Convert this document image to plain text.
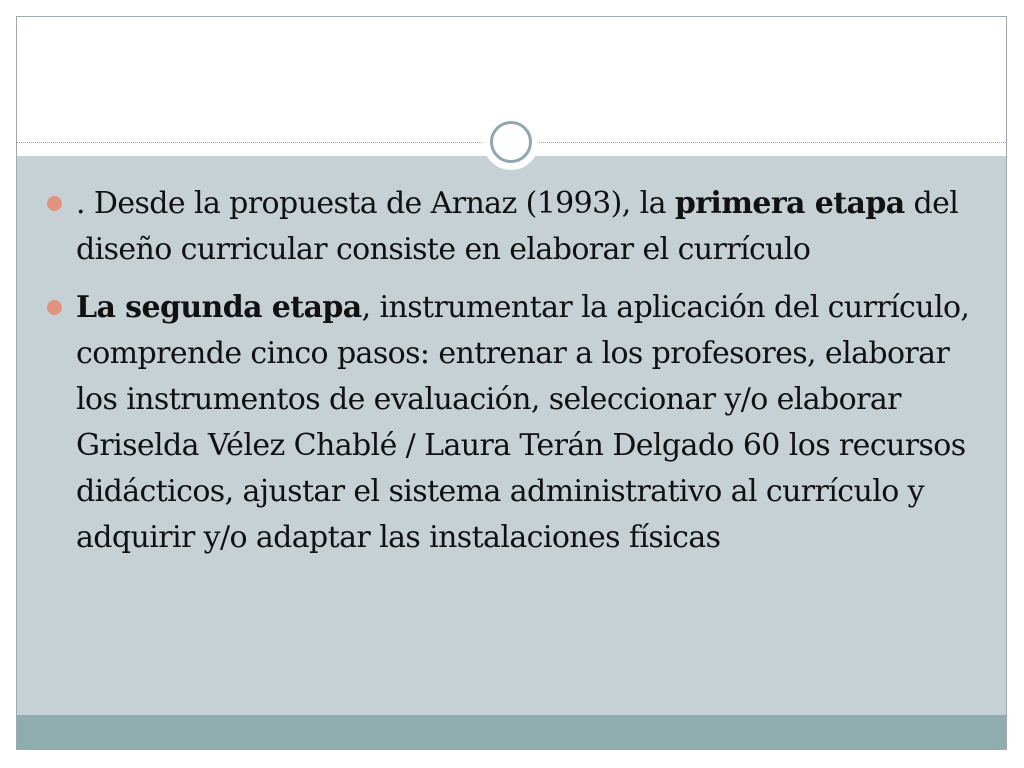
. Desde la propuesta de Arnaz (1993), la primera etapa del diseño curricular consiste en elaborar el currículo
La segunda etapa, instrumentar la aplicación del currículo, comprende cinco pasos: entrenar a los profesores, elaborar los instrumentos de evaluación, seleccionar y/o elaborar Griselda Vélez Chablé / Laura Terán Delgado 60 los recursos didácticos, ajustar el sistema administrativo al currículo y adquirir y/o adaptar las instalaciones físicas
